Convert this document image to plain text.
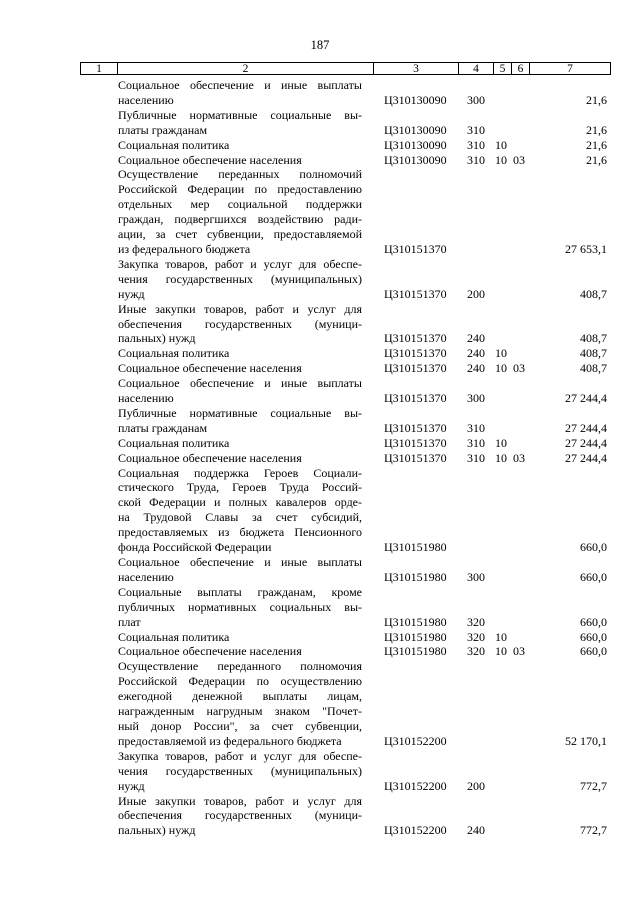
187
1	2	3	4	5	6	7
Социальное обеспечение и иные выплаты
населению	Ц310130090 300	21,6
Публичные нормативные социальные вы-
платы гражданам	Ц310130090 310	21,6
Социальная политика	Ц310130090 310 10	21,6
Социальное обеспечение населения	Ц310130090 310 10 03	21,6
Осуществление переданных полномочий
Российской Федерации по предоставлению
отдельных мер социальной поддержки
граждан, подвергшихся воздействию ради-
ации, за счет субвенции, предоставляемой
из федерального бюджета	Ц310151370	27 653,1
Закупка товаров, работ и услуг для обеспе-
чения государственных (муниципальных)
нужд	Ц310151370 200	408,7
Иные закупки товаров, работ и услуг для
обеспечения государственных (муници-
пальных) нужд	Ц310151370 240	408,7
Социальная политика	Ц310151370 240 10	408,7
Социальное обеспечение населения	Ц310151370 240 10 03	408,7
Социальное обеспечение и иные выплаты
населению	Ц310151370 300	27 244,4
Публичные нормативные социальные вы-
платы гражданам	Ц310151370 310	27 244,4
Социальная политика	Ц310151370 310 10	27 244,4
Социальное обеспечение населения	Ц310151370 310 10 03	27 244,4
Социальная поддержка Героев Социали-
стического Труда, Героев Труда Россий-
ской Федерации и полных кавалеров орде-
на Трудовой Славы за счет субсидий,
предоставляемых из бюджета Пенсионного
фонда Российской Федерации	Ц310151980	660,0
Социальное обеспечение и иные выплаты
населению	Ц310151980 300	660,0
Социальные выплаты гражданам, кроме
публичных нормативных социальных вы-
плат	Ц310151980 320	660,0
Социальная политика	Ц310151980 320 10	660,0
Социальное обеспечение населения	Ц310151980 320 10 03	660,0
Осуществление переданного полномочия
Российской Федерации по осуществлению
ежегодной денежной выплаты лицам,
награжденным нагрудным знаком "Почет-
ный донор России", за счет субвенции,
предоставляемой из федерального бюджета	Ц310152200	52 170,1
Закупка товаров, работ и услуг для обеспе-
чения государственных (муниципальных)
нужд	Ц310152200 200	772,7
Иные закупки товаров, работ и услуг для
обеспечения государственных (муници-
пальных) нужд	Ц310152200 240	772,7
